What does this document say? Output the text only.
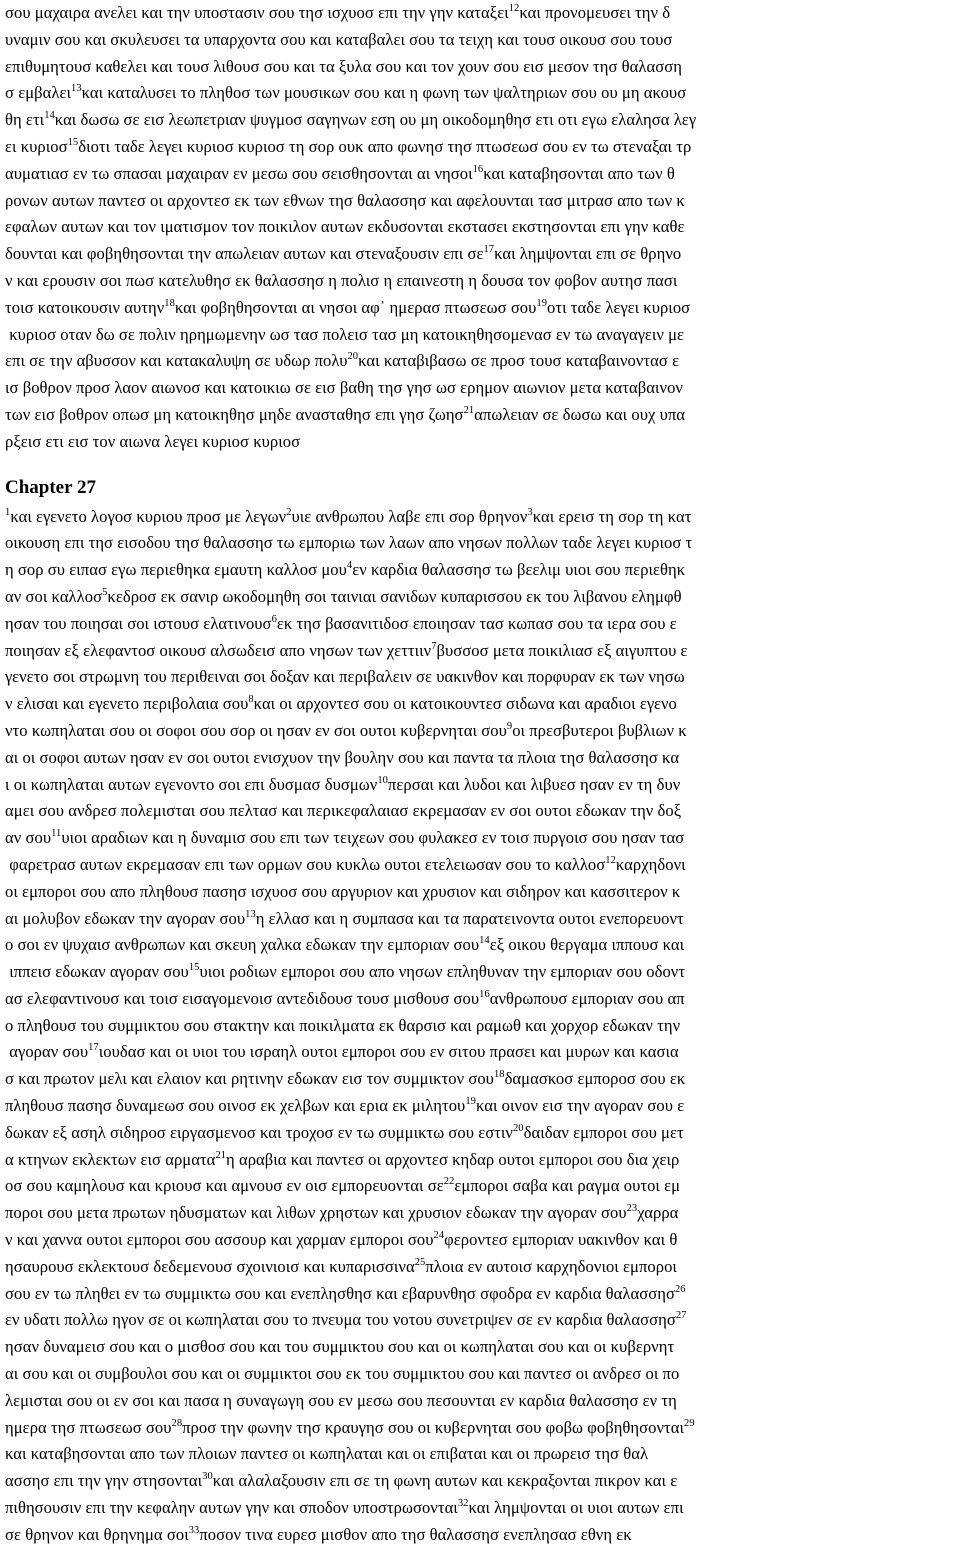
σου μαχαιρα ανελει και την υποστασιν σου τησ ισχυοσ επι την γην καταξει$^{12}$και προνομευσει την δ
υναμιν σου και σκυλευσει τα υπαρχοντα σου και καταβαλει σου τα τειχη και τουσ οικουσ σου τουσ
επιθυμητουσ καθελει και τουσ λιθουσ σου και τα ξυλα σου και τον χουν σου εισ μεσον τησ θαλασση
σ εμβαλει$^{13}$και καταλυσει το πληθοσ των μουσικων σου και η φωνη των ψαλτηριων σου ου μη ακουσ
θη ετι$^{14}$και δωσω σε εισ λεωπετριαν ψυγμοσ σαγηνων εση ου μη οικοδομηθησ ετι οτι εγω ελαλησα λεγ
ει κυριοσ$^{15}$διοτι ταδε λεγει κυριοσ κυριοσ τη σορ ουκ απο φωνησ τησ πτωσεωσ σου εν τω στεναξαι τρ
αυματιασ εν τω σπασαι μαχαιραν εν μεσω σου σεισθησονται αι νησοι$^{16}$και καταβησονται απο των θ
ρονων αυτων παντεσ οι αρχοντεσ εκ των εθνων τησ θαλασσησ και αφελουνται τασ μιτρασ απο των κ
εφαλων αυτων και τον ιματισμον τον ποικιλον αυτων εκδυσονται εκστασει εκστησονται επι γην καθε
δουνται και φοβηθησονται την απωλειαν αυτων και στεναξουσιν επι $\sigma\varepsilon^{17}\kappa\alpha\iota$ λημψονται επι σε θρηνο
ν και ερουσιν σοι πωσ κατελυθησ εκ θαλασσησ η πολισ η επαινεστη η δουσα τον φοβον αυτησ πασι
τοισ κατοικουσιν αυτην$^{18}$και φοβηθησονται αι νησοι αφ᾽ ημερασ πτωσεωσ σου$^{19}$οτι ταδε λεγει κυριοσ
κυριοσ οταν δω σε πολιν ηρημωμενην ωσ τασ πολεισ τασ μη κατοικηθησομενασ εν τω αναγαγειν με
επι σε την αβυσσον και κατακαλυψη σε υδωρ πολυ$^{20}$και καταβιβασω σε προσ τουσ καταβαινοντασ ε
ισ βοθρον προσ λαον αιωνοσ και κατοικιω σε εισ βαθη τησ γησ ωσ ερημον αιωνιον μετα καταβαινον
των εισ βοθρον οπωσ μη κατοικηθησ μηδε ανασταθησ επι γησ ζωησ$^{21}$απωλειαν σε δωσω και ουχ υπα
ρξεισ ετι εισ τον αιωνα λεγει κυριοσ κυριοσ
Chapter 27
$^1$και εγενετο λογοσ κυριου προσ με λεγων$^2$υιε ανθρωπου λαβε επι σορ θρηνον$^3$και ερεισ τη σορ τη κατ
οικουση επι τησ εισοδου τησ θαλασσησ τω εμποριω των λαων απο νησων πολλων ταδε λεγει κυριοσ τ
η σορ συ ειπασ εγω περιεθηκα εμαυτη καλλοσ μου$^4$εν καρδια θαλασσησ τω βεελιμ υιοι σου περιεθηκ
αν σοι καλλοσ$^5$κεδροσ εκ σανιρ ωκοδομηθη σοι ταινιαι σανιδων κυπαρισσου εκ του λιβανου ελημφθ
ησαν του ποιησαι σοι ιστουσ ελατινουσ$^6$εκ τησ βασανιτιδοσ εποιησαν τασ κωπασ σου τα ιερα σου ε
ποιησαν εξ ελεφαντοσ οικουσ αλσωδεισ απο νησων των χεττιιν$^7$βυσσοσ μετα ποικιλιασ εξ αιγυπτου ε
γενετο σοι στρωμνη του περιθειναι σοι δοξαν και περιβαλειν σε υακινθον και πορφυραν εκ των νησω
ν ελισαι και εγενετο περιβολαια σου$^8$και οι αρχοντεσ σου οι κατοικουντεσ σιδωνα και αραδιοι εγενο
ντο κωπηλαται σου οι σοφοι σου σορ οι ησαν εν σοι ουτοι κυβερνηται σου$^9$οι πρεσβυτεροι βυβλιων κ
αι οι σοφοι αυτων ησαν εν σοι ουτοι ενισχυον την βουλην σου και παντα τα πλοια τησ θαλασσησ κα
ι οι κωπηλαται αυτων εγενοντο σοι επι δυσμασ δυσμων$^{10}$περσαι και λυδοι και λιβυεσ ησαν εν τη δυν
αμει σου ανδρεσ πολεμισται σου πελτασ και περικεφαλαιασ εκρεμασαν εν σοι ουτοι εδωκαν την δοξ
αν σου$^{11}$υιοι αραδιων και η δυναμισ σου επι των τειχεων σου φυλακεσ εν τοισ πυργοισ σου ησαν τασ
φαρετρασ αυτων εκρεμασαν επι των ορμων σου κυκλω ουτοι ετελειωσαν σου το καλλοσ$^{12}$καρχηδονι
οι εμποροι σου απο πληθουσ πασησ ισχυοσ σου αργυριον και χρυσιον και σιδηρον και κασσιτερον κ
αι μολυβον εδωκαν την αγοραν σου$^{13}$η ελλασ και η συμπασα και τα παρατεινοντα ουτοι ενεπορευοντ
ο σοι εν ψυχαισ ανθρωπων και σκευη χαλκα εδωκαν την εμποριαν σου$^{14}$εξ οικου θεργαμα ιππουσ και
ιππεισ εδωκαν αγοραν σου$^{15}$υιοι ροδιων εμποροι σου απο νησων επληθυναν την εμποριαν σου οδοντ
ασ ελεφαντινουσ και τοισ εισαγομενοισ αντεδιδουσ τουσ μισθουσ σου$^{16}$ανθρωπουσ εμποριαν σου απ
ο πληθουσ του συμμικτου σου στακτην και ποικιλματα εκ θαρσισ και ραμωθ και χορχορ εδωκαν την
αγοραν σου$^{17}$ιουδασ και οι υιοι του ισραηλ ουτοι εμποροι σου εν σιτου πρασει και μυρων και κασια
σ και πρωτον μελι και ελαιον και ρητινην εδωκαν εισ τον συμμικτον σου$^{18}$δαμασκοσ εμποροσ σου εκ
πληθουσ πασησ δυναμεωσ σου οινοσ εκ χελβων και ερια εκ μιλητου$^{19}$και οινον εισ την αγοραν σου ε
δωκαν εξ ασηλ σιδηροσ ειργασμενοσ και τροχοσ εν τω συμμικτω σου εστιν$^{20}$δαιδαν εμποροι σου μετ
α κτηνων εκλεκτων εισ αρματα$^{21}$η αραβια και παντεσ οι αρχοντεσ κηδαρ ουτοι εμποροι σου δια χειρ
οσ σου καμηλουσ και κριουσ και αμνουσ εν οισ εμπορευονται $\sigma\varepsilon^{22}\varepsilon\mu\pi o\rho o\iota$ σαβα και ραγμα ουτοι εμ
ποροι σου μετα πρωτων ηδυσματων και λιθων χρηστων και χρυσιον εδωκαν την αγοραν σου$^{23}$χαρρα
ν και χαννα ουτοι εμποροι σου ασσουρ και χαρμαν εμποροι σου$^{24}$φεροντεσ εμποριαν υακινθον και θ
ησαυρουσ εκλεκτουσ δεδεμενουσ σχοινιοισ και κυπαρισσινα$^{25}$πλοια εν αυτοισ καρχηδονιοι εμποροι
σου εν τω πληθει εν τω συμμικτω σου και ενεπλησθησ και εβαρυνθησ σφοδρα εν καρδια θαλασσησ$^{26}$
εν υδατι πολλω ηγον σε οι κωπηλαται σου το πνευμα του νοτου συνετριψεν σε εν καρδια θαλασσησ$^{27}$
ησαν δυναμεισ σου και ο μισθοσ σου και του συμμικτου σου και οι κωπηλαται σου και οι κυβερνητ
αι σου και οι συμβουλοι σου και οι συμμικτοι σου εκ του συμμικτου σου και παντεσ οι ανδρεσ οι πο
λεμισται σου οι εν σοι και πασα η συναγωγη σου εν μεσω σου πεσουνται εν καρδια θαλασσησ εν τη
ημερα τησ πτωσεωσ σου$^{28}$προσ την φωνην τησ κραυγησ σου οι κυβερνηται σου φοβω φοβηθησονται$^{29}$
και καταβησονται απο των πλοιων παντεσ οι κωπηλαται και οι επιβαται και οι πρωρεισ τησ θαλ
ασσησ επι την γην στησονται$^{30}$και αλαλαξουσιν επι σε τη φωνη αυτων και κεκραξονται πικρον και ε
πιθησουσιν επι την κεφαλην αυτων γην και σποδον υποστρωσονται$^{32}$και λημψονται οι υιοι αυτων επι
σε θρηνον και θρηνημα σοι$^{33}$ποσον τινα ευρεσ μισθον απο τησ θαλασσησ ενεπλησασ εθνη εκ
